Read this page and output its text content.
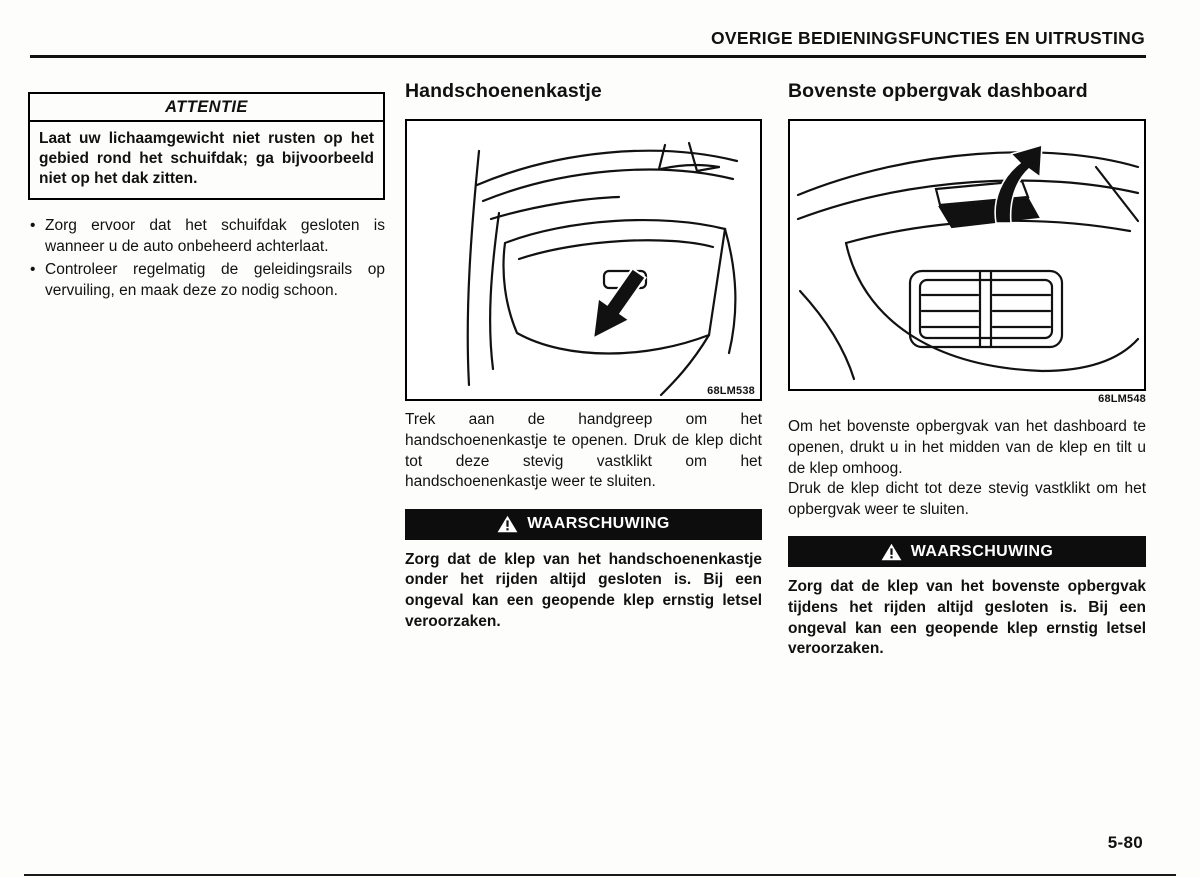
OVERIGE BEDIENINGSFUNCTIES EN UITRUSTING
ATTENTIE
Laat uw lichaamgewicht niet rusten op het gebied rond het schuifdak; ga bijvoorbeeld niet op het dak zitten.
• Zorg ervoor dat het schuifdak gesloten is wanneer u de auto onbeheerd achterlaat.
• Controleer regelmatig de geleidingsrails op vervuiling, en maak deze zo nodig schoon.
Handschoenenkastje
68LM538

Trek aan de handgreep om het handschoenenkastje te openen. Druk de klep dicht tot deze stevig vastklikt om het handschoenenkastje weer te sluiten.

WAARSCHUWING
Zorg dat de klep van het handschoenenkastje onder het rijden altijd gesloten is. Bij een ongeval kan een geopende klep ernstig letsel veroorzaken.
Bovenste opbergvak dashboard
68LM548

Om het bovenste opbergvak van het dashboard te openen, drukt u in het midden van de klep en tilt u de klep omhoog.

Druk de klep dicht tot deze stevig vastklikt om het opbergvak weer te sluiten.

WAARSCHUWING
Zorg dat de klep van het bovenste opbergvak tijdens het rijden altijd gesloten is. Bij een ongeval kan een geopende klep ernstig letsel veroorzaken.
5-80
